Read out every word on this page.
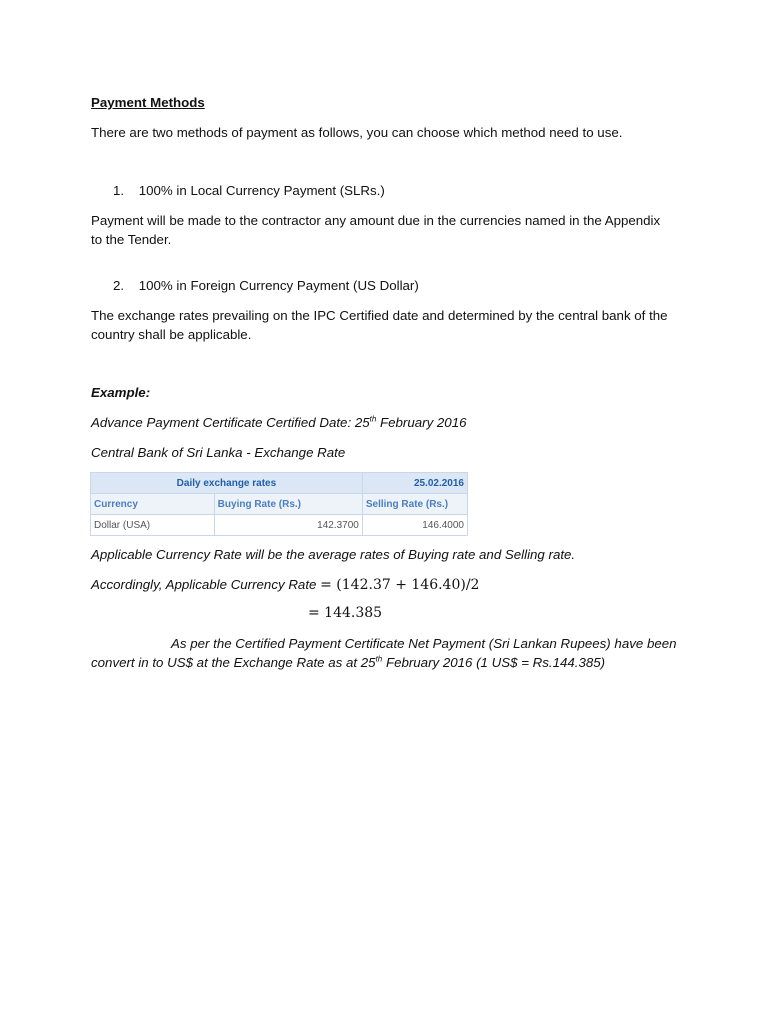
Payment Methods

There are two methods of payment as follows, you can choose which method need to use.

1. 100% in Local Currency Payment (SLRs.)

Payment will be made to the contractor any amount due in the currencies named in the Appendix to the Tender.

2. 100% in Foreign Currency Payment (US Dollar)

The exchange rates prevailing on the IPC Certified date and determined by the central bank of the country shall be applicable.

Example:

Advance Payment Certificate Certified Date: 25th February 2016

Central Bank of Sri Lanka - Exchange Rate

Daily exchange rates		25.02.2016
Currency	Buying Rate (Rs.)	Selling Rate (Rs.)
Dollar (USA)	142.3700	146.4000

Applicable Currency Rate will be the average rates of Buying rate and Selling rate.

Accordingly, Applicable Currency Rate = (142.37 + 146.40)/2

= 144.385

As per the Certified Payment Certificate Net Payment (Sri Lankan Rupees) have been convert in to US$ at the Exchange Rate as at 25th February 2016 (1 US$ = Rs.144.385)
